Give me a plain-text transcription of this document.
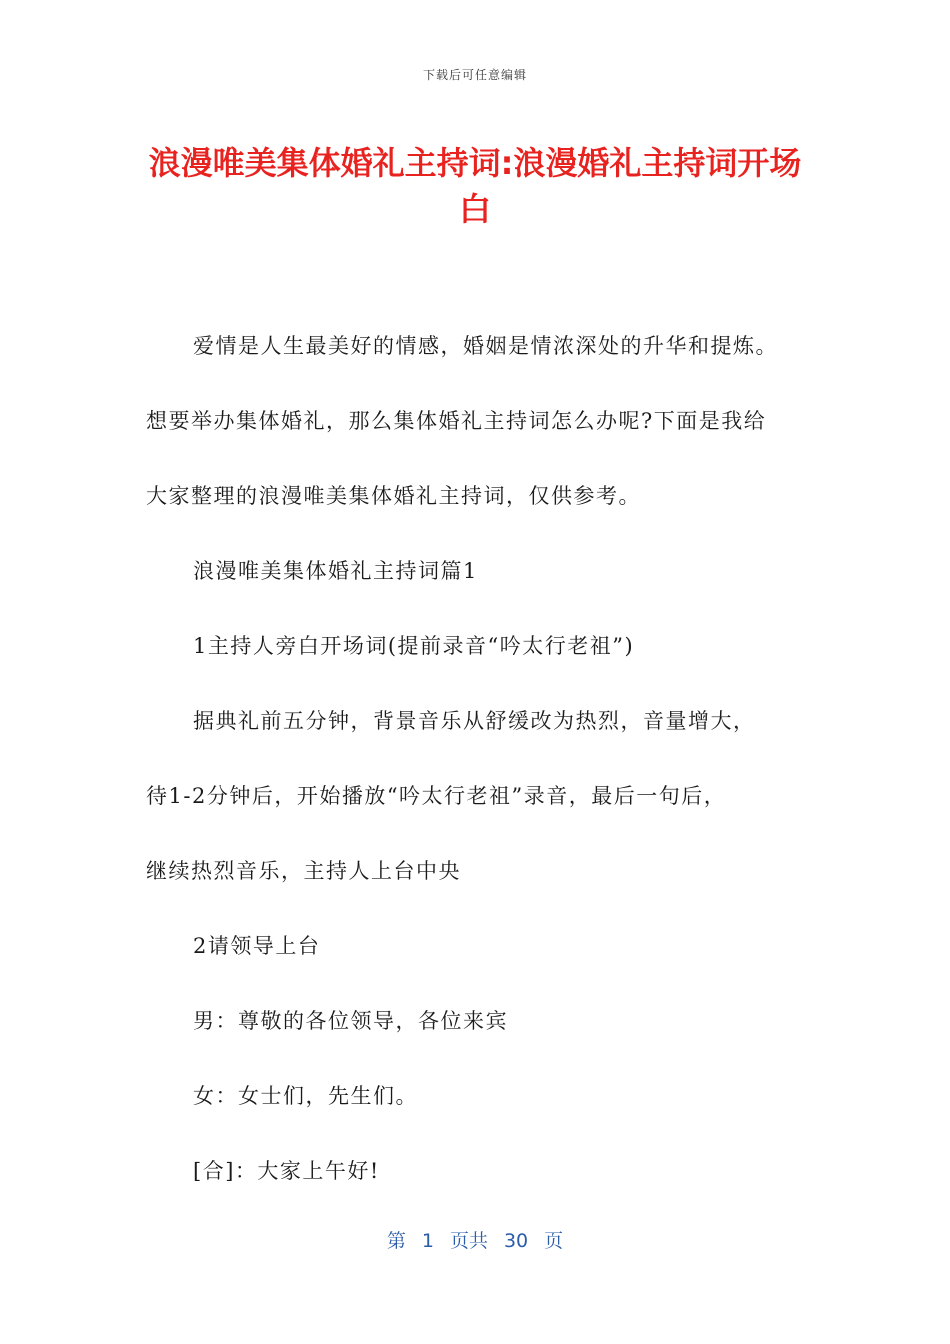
下载后可任意编辑
浪漫唯美集体婚礼主持词:浪漫婚礼主持词开场白
爱情是人生最美好的情感，婚姻是情浓深处的升华和提炼。
想要举办集体婚礼，那么集体婚礼主持词怎么办呢?下面是我给
大家整理的浪漫唯美集体婚礼主持词，仅供参考。
浪漫唯美集体婚礼主持词篇1
1主持人旁白开场词(提前录音“吟太行老祖”)
据典礼前五分钟，背景音乐从舒缓改为热烈，音量增大，
待1-2分钟后，开始播放“吟太行老祖”录音，最后一句后，
继续热烈音乐，主持人上台中央
2请领导上台
男：尊敬的各位领导，各位来宾
女：女士们，先生们。
[合]：大家上午好!
第 1 页共 30 页
